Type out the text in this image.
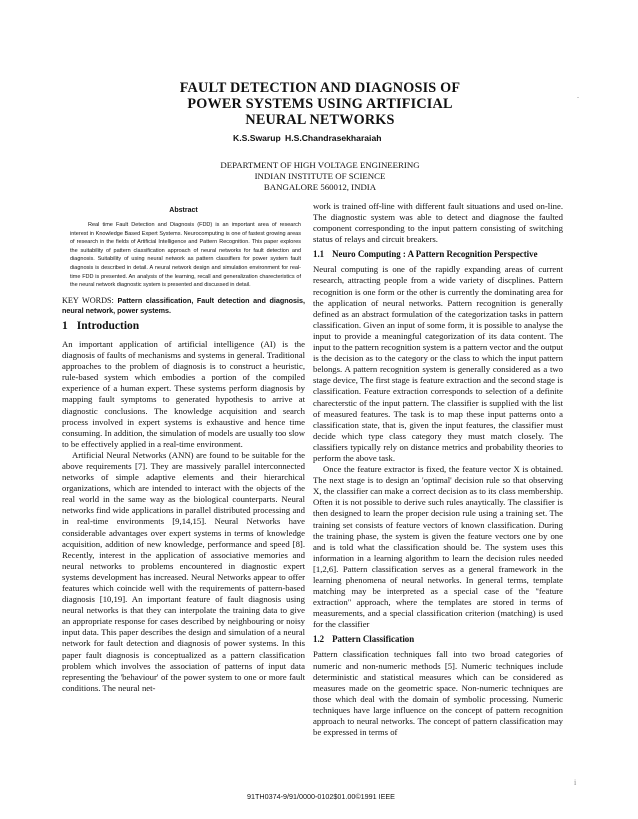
FAULT DETECTION AND DIAGNOSIS OF
POWER SYSTEMS USING ARTIFICIAL
NEURAL NETWORKS
K.S.Swarup H.S.Chandrasekharaiah
DEPARTMENT OF HIGH VOLTAGE ENGINEERING
INDIAN INSTITUTE OF SCIENCE
BANGALORE 560012, INDIA
Abstract
Real time Fault Detection and Diagnosis (FDD) is an important area of research interest in Knowledge Based Expert Systems. Neurocomputing is one of fastest growing areas of research in the fields of Artificial Intelligence and Pattern Recognition. This paper explores the suitability of pattern classification approach of neural networks for fault detection and diagnosis. Suitability of using neural network as pattern classifiers for power system fault diagnosis is described in detail. A neural network design and simulation environment for real-time FDD is presented. An analysis of the learning, recall and generalization charecteristics of the neural network diagnostic system is presented and discussed in detail.
KEY WORDS: Pattern classification, Fault detection and diagnosis, neural network, power systems.
1 Introduction

An important application of artificial intelligence (AI) is the diagnosis of faults of mechanisms and systems in general. Traditional approaches to the problem of diagnosis is to construct a heuristic, rule-based system which embodies a portion of the compiled experience of a human expert. These systems perform diagnosis by mapping fault symptoms to generated hypothesis to arrive at diagnostic conclusions. The knowledge acquisition and search process involved in expert systems is exhaustive and hence time consuming. In addition, the simulation of models are usually too slow to be effectively applied in a real-time environment.

Artificial Neural Networks (ANN) are found to be suitable for the above requirements [7]. They are massively parallel interconnected networks of simple adaptive elements and their hierarchical organizations, which are intended to interact with the objects of the real world in the same way as the biological counterparts. Neural networks find wide applications in parallel distributed processing and in real-time environments [9,14,15]. Neural Networks have considerable advantages over expert systems in terms of knowledge acquisition, addition of new knowledge, performance and speed [8]. Recently, interest in the application of associative memories and neural networks to problems encountered in diagnostic expert systems development has increased. Neural Networks appear to offer features which coincide well with the requirements of pattern-based diagnosis [10,19]. An important feature of fault diagnosis using neural networks is that they can interpolate the training data to give an appropriate response for cases described by neighbouring or noisy input data. This paper describes the design and simulation of a neural network for fault detection and diagnosis of power systems. In this paper fault diagnosis is conceptualized as a pattern classification problem which involves the association of patterns of input data representing the 'behaviour' of the power system to one or more fault conditions. The neural net-

work is trained off-line with different fault situations and used on-line. The diagnostic system was able to detect and diagnose the faulted component corresponding to the input pattern consisting of switching status of relays and circuit breakers.

1.1 Neuro Computing : A Pattern Recognition Perspective

Neural computing is one of the rapidly expanding areas of current research, attracting people from a wide variety of discplines. Pattern recognition is one form or the other is currently the dominating area for the application of neural networks. Pattern recognition is generally defined as an abstract formulation of the categorization tasks in pattern classification. Given an input of some form, it is possible to analyse the input to provide a meaningful categorization of its data content. The input to the pattern recognition system is a pattern vector and the output is the decision as to the category or the class to which the input pattern belongs. A pattern recognition system is generally considered as a two stage device, The first stage is feature extraction and the second stage is classification. Feature extraction corresponds to selection of a definite charecterstic of the input pattern. The classifier is supplied with the list of measured features. The task is to map these input patterns onto a classification state, that is, given the input features, the classifier must decide which type class category they must match closely. The classifiers typically rely on distance metrics and probability theories to perform the above task.

Once the feature extractor is fixed, the feature vector X is obtained. The next stage is to design an 'optimal' decision rule so that observing X, the classifier can make a correct decision as to its class membership. Often it is not possible to derive such rules anaytically. The classifier is then designed to learn the proper decision rule using a training set. The training set consists of feature vectors of known classification. During the training phase, the system is given the feature vectors one by one and is told what the classification should be. The system uses this information in a learning algorithm to learn the decision rules needed [1,2,6]. Pattern classification serves as a general framework in the learning phenomena of neural networks. In general terms, template matching may be interpreted as a special case of the "feature extraction" approach, where the templates are stored in terms of measurements, and a special classification criterion (matching) is used for the classifier

1.2 Pattern Classification

Pattern classification techniques fall into two broad categories of numeric and non-numeric methods [5]. Numeric techniques include deterministic and statistical measures which can be considered as measures made on the geometric space. Non-numeric techniques are those which deal with the domain of symbolic processing. Numeric techniques have large influence on the concept of pattern recognition approach to neural networks. The concept of pattern classification may be expressed in terms of

91TH0374-9/91/0000-0102$01.00©1991 IEEE
-
i
